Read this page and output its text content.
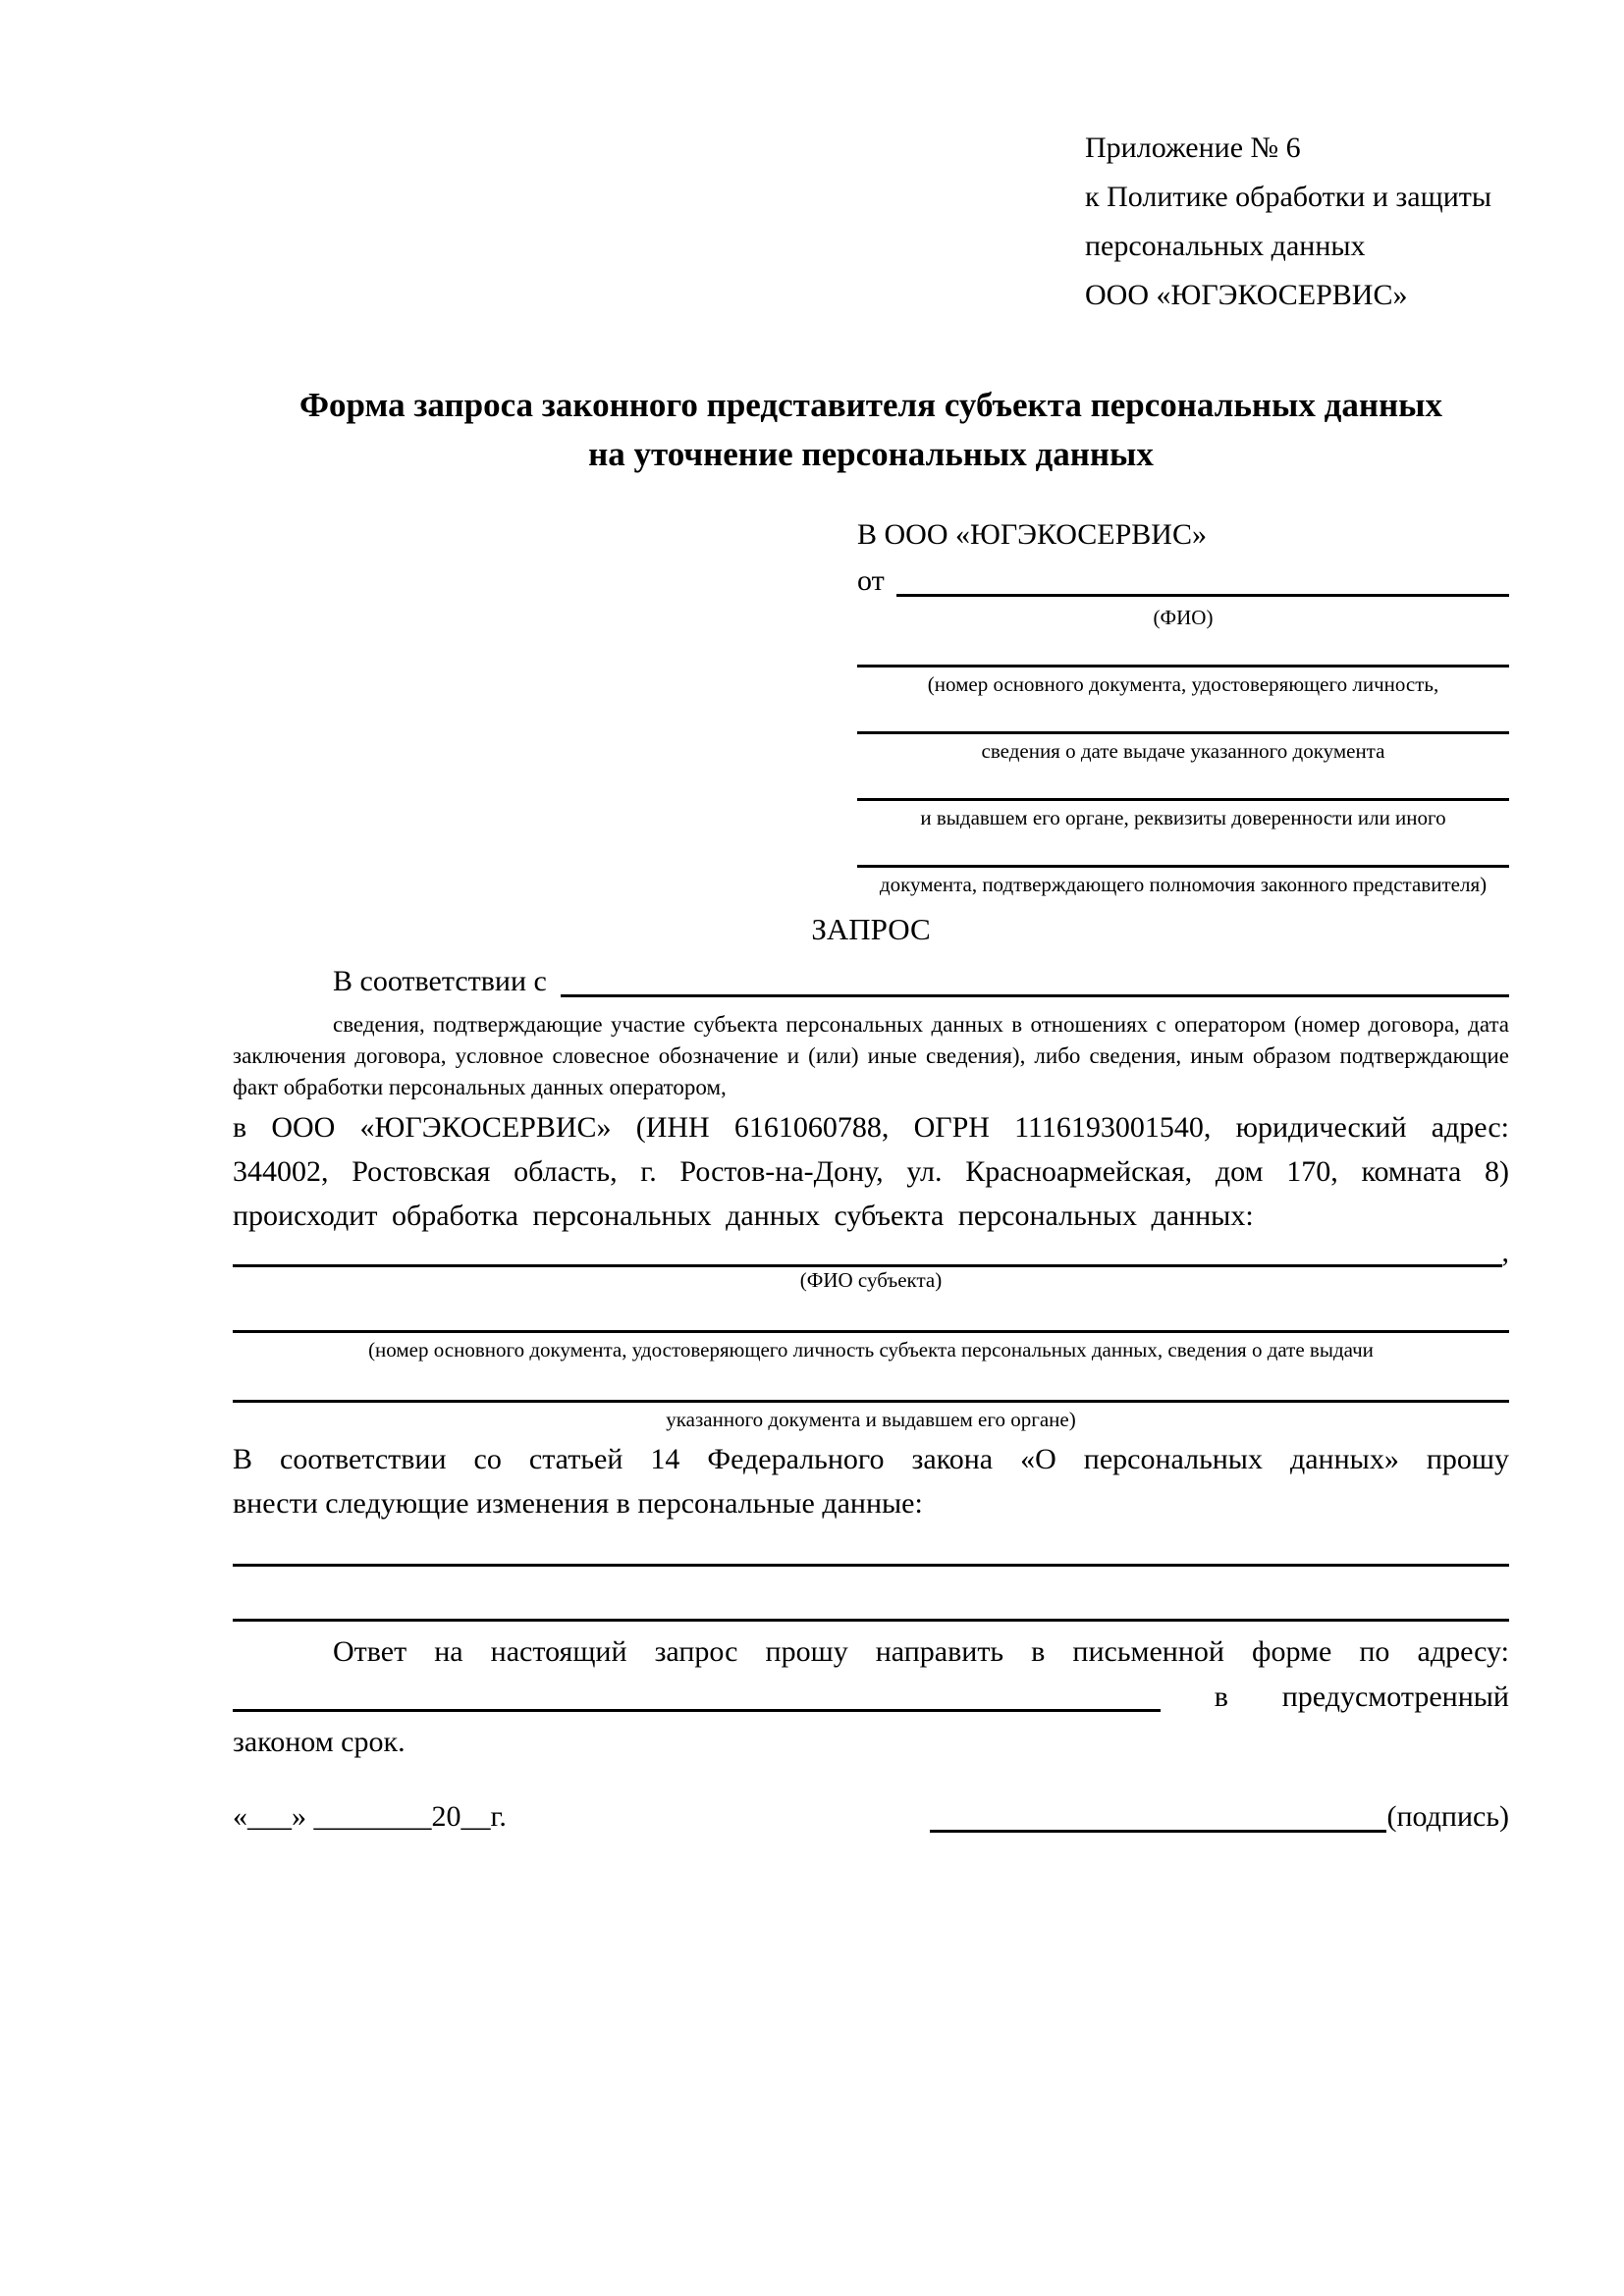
Приложение № 6
к Политике обработки и защиты
персональных данных
ООО «ЮГЭКОСЕРВИС»
Форма запроса законного представителя субъекта персональных данных
на уточнение персональных данных
В ООО «ЮГЭКОСЕРВИС»
от
(ФИО)
(номер основного документа, удостоверяющего личность,
сведения о дате выдаче указанного документа
и выдавшем его органе, реквизиты доверенности или иного
документа, подтверждающего полномочия законного представителя)
ЗАПРОС
В соответствии с
сведения, подтверждающие участие субъекта персональных данных в отношениях с оператором (номер договора, дата заключения договора, условное словесное обозначение и (или) иные сведения), либо сведения, иным образом подтверждающие факт обработки персональных данных оператором,
в ООО «ЮГЭКОСЕРВИС» (ИНН 6161060788, ОГРН 1116193001540, юридический адрес:
344002, Ростовская область, г. Ростов-на-Дону, ул. Красноармейская, дом 170, комната 8)
происходит обработка персональных данных субъекта персональных данных:
,
(ФИО субъекта)
(номер основного документа, удостоверяющего личность субъекта персональных данных, сведения о дате выдачи
указанного документа и выдавшем его органе)
В соответствии со статьей 14 Федерального закона «О персональных данных» прошу
внести следующие изменения в персональные данные:
Ответ на настоящий запрос прошу направить в письменной форме по адресу:
в предусмотренный
законом срок.
«___» ________20__г.	(подпись)
